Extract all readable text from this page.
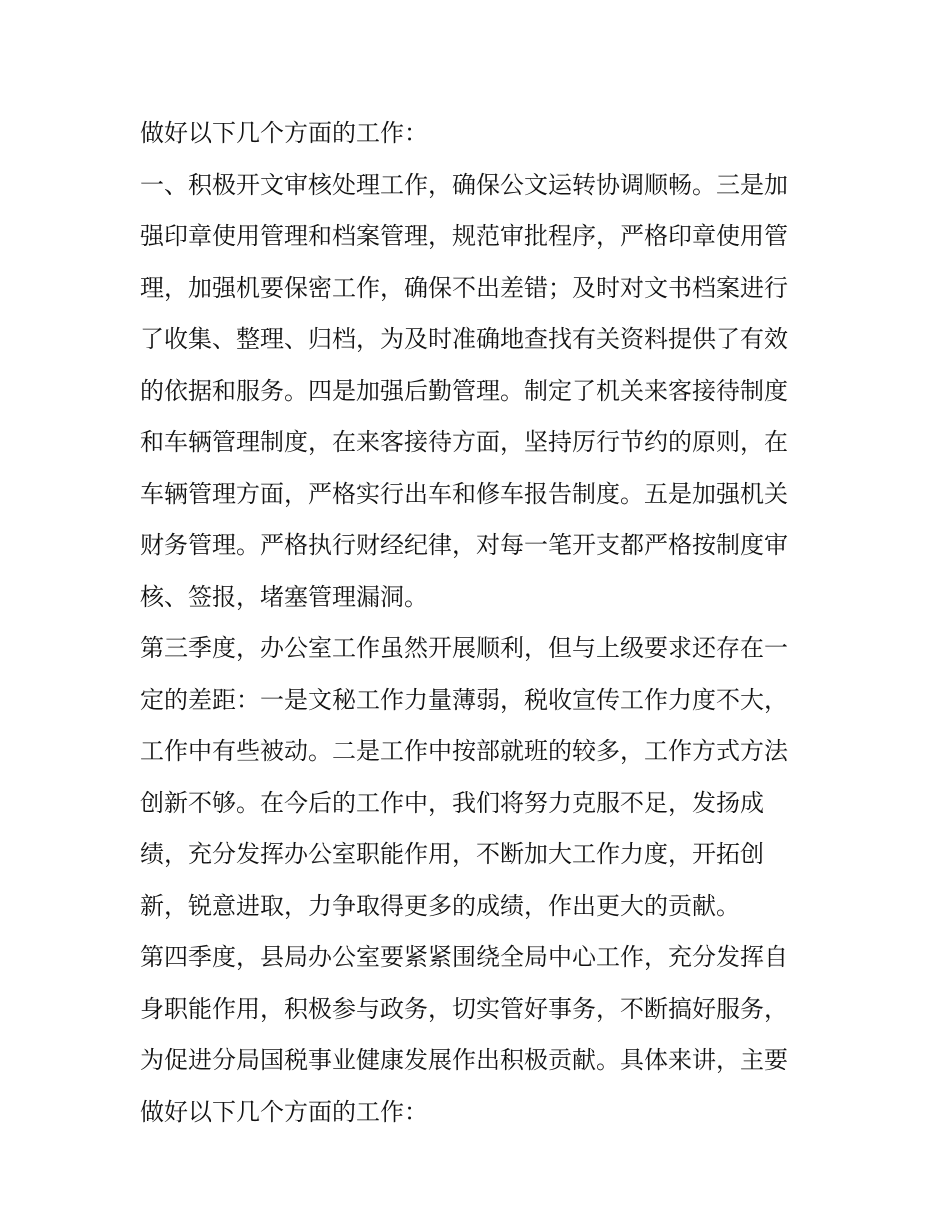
做好以下几个方面的工作：
一、积极开文审核处理工作，确保公文运转协调顺畅。三是加
强印章使用管理和档案管理，规范审批程序，严格印章使用管
理，加强机要保密工作，确保不出差错；及时对文书档案进行
了收集、整理、归档，为及时准确地查找有关资料提供了有效
的依据和服务。四是加强后勤管理。制定了机关来客接待制度
和车辆管理制度，在来客接待方面，坚持厉行节约的原则，在
车辆管理方面，严格实行出车和修车报告制度。五是加强机关
财务管理。严格执行财经纪律，对每一笔开支都严格按制度审
核、签报，堵塞管理漏洞。
第三季度，办公室工作虽然开展顺利，但与上级要求还存在一
定的差距：一是文秘工作力量薄弱，税收宣传工作力度不大，
工作中有些被动。二是工作中按部就班的较多，工作方式方法
创新不够。在今后的工作中，我们将努力克服不足，发扬成
绩，充分发挥办公室职能作用，不断加大工作力度，开拓创
新，锐意进取，力争取得更多的成绩，作出更大的贡献。
第四季度，县局办公室要紧紧围绕全局中心工作，充分发挥自
身职能作用，积极参与政务，切实管好事务，不断搞好服务，
为促进分局国税事业健康发展作出积极贡献。具体来讲，主要
做好以下几个方面的工作：
